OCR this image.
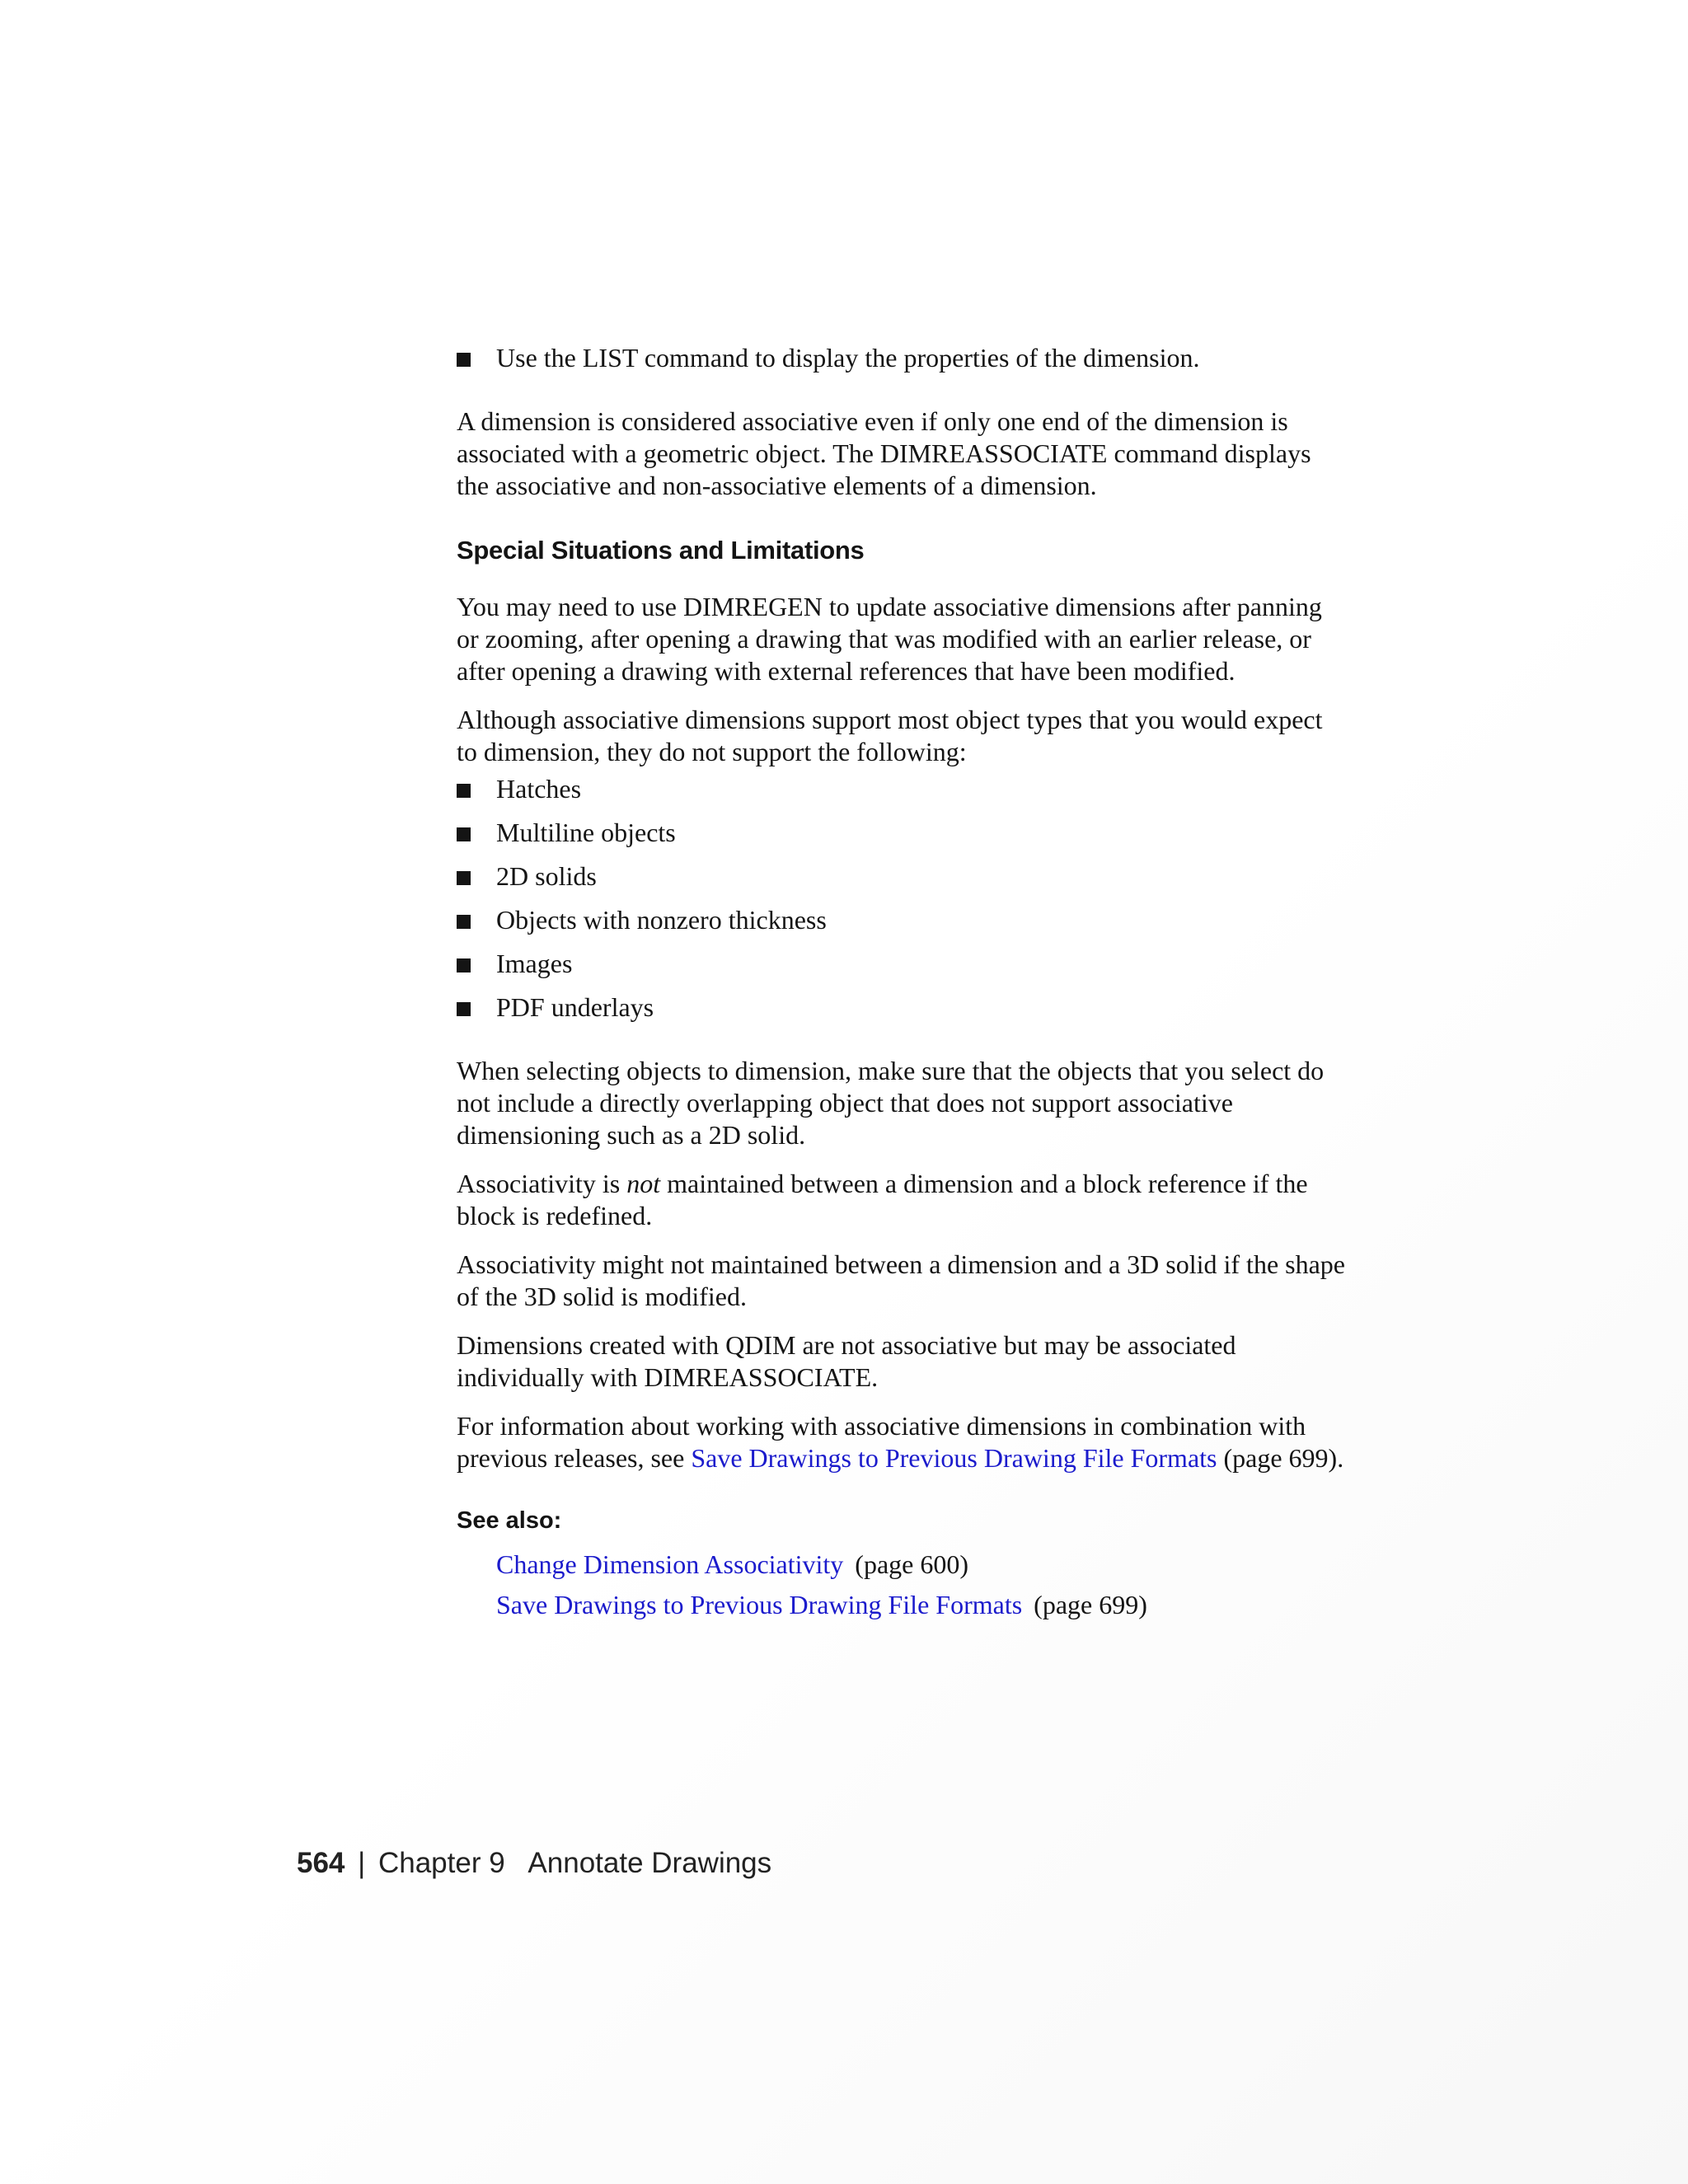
Use the LIST command to display the properties of the dimension.

A dimension is considered associative even if only one end of the dimension is associated with a geometric object. The DIMREASSOCIATE command displays the associative and non-associative elements of a dimension.

Special Situations and Limitations

You may need to use DIMREGEN to update associative dimensions after panning or zooming, after opening a drawing that was modified with an earlier release, or after opening a drawing with external references that have been modified.

Although associative dimensions support most object types that you would expect to dimension, they do not support the following:

Hatches
Multiline objects
2D solids
Objects with nonzero thickness
Images
PDF underlays

When selecting objects to dimension, make sure that the objects that you select do not include a directly overlapping object that does not support associative dimensioning such as a 2D solid.

Associativity is not maintained between a dimension and a block reference if the block is redefined.

Associativity might not maintained between a dimension and a 3D solid if the shape of the 3D solid is modified.

Dimensions created with QDIM are not associative but may be associated individually with DIMREASSOCIATE.

For information about working with associative dimensions in combination with previous releases, see Save Drawings to Previous Drawing File Formats (page 699).

See also:
Change Dimension Associativity (page 600)
Save Drawings to Previous Drawing File Formats (page 699)
564 | Chapter 9 Annotate Drawings
